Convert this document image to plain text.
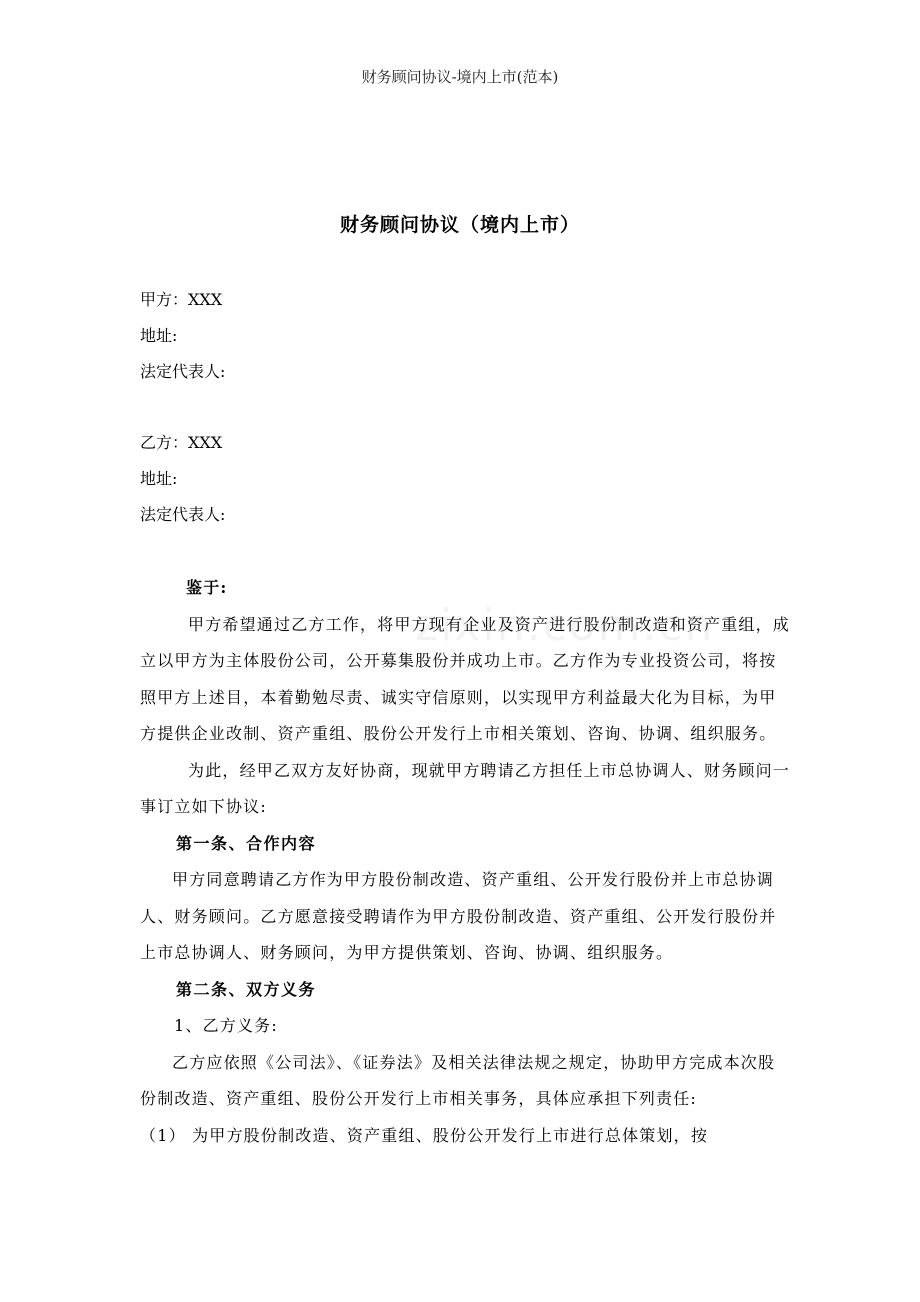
财务顾问协议-境内上市(范本)
财务顾问协议（境内上市）
甲方：XXX
地址:
法定代表人:
乙方：XXX
地址:
法定代表人:

鉴于:

甲方希望通过乙方工作，将甲方现有企业及资产进行股份制改造和资产重组，成立以甲方为主体股份公司，公开募集股份并成功上市。乙方作为专业投资公司，将按照甲方上述目，本着勤勉尽责、诚实守信原则，以实现甲方利益最大化为目标，为甲方提供企业改制、资产重组、股份公开发行上市相关策划、咨询、协调、组织服务。

为此，经甲乙双方友好协商，现就甲方聘请乙方担任上市总协调人、财务顾问一事订立如下协议:

第一条、合作内容

甲方同意聘请乙方作为甲方股份制改造、资产重组、公开发行股份并上市总协调人、财务顾问。乙方愿意接受聘请作为甲方股份制改造、资产重组、公开发行股份并上市总协调人、财务顾问，为甲方提供策划、咨询、协调、组织服务。

第二条、双方义务

1、乙方义务:

乙方应依照《公司法》、《证券法》及相关法律法规之规定，协助甲方完成本次股份制改造、资产重组、股份公开发行上市相关事务，具体应承担下列责任:

（1） 为甲方股份制改造、资产重组、股份公开发行上市进行总体策划，按
